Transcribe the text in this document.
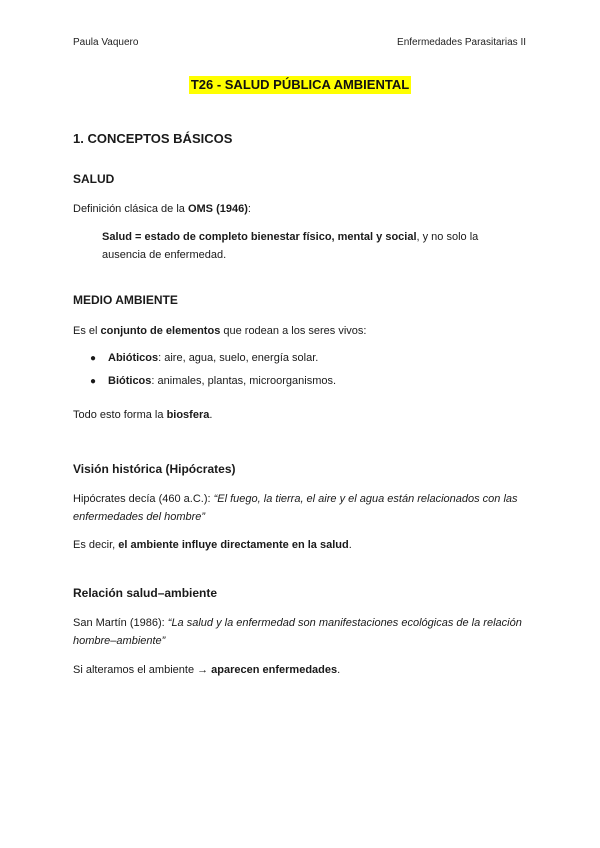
Paula Vaquero	Enfermedades Parasitarias II
T26 - SALUD PÚBLICA AMBIENTAL
1. CONCEPTOS BÁSICOS
SALUD
Definición clásica de la OMS (1946):
Salud = estado de completo bienestar físico, mental y social, y no solo la
ausencia de enfermedad.
MEDIO AMBIENTE
Es el conjunto de elementos que rodean a los seres vivos:
● Abióticos: aire, agua, suelo, energía solar.
● Bióticos: animales, plantas, microorganismos.
Todo esto forma la biosfera.
Visión histórica (Hipócrates)
Hipócrates decía (460 a.C.): “El fuego, la tierra, el aire y el agua están relacionados con las
enfermedades del hombre”
Es decir, el ambiente influye directamente en la salud.
Relación salud–ambiente
San Martín (1986): “La salud y la enfermedad son manifestaciones ecológicas de la relación
hombre–ambiente”
Si alteramos el ambiente → aparecen enfermedades.
